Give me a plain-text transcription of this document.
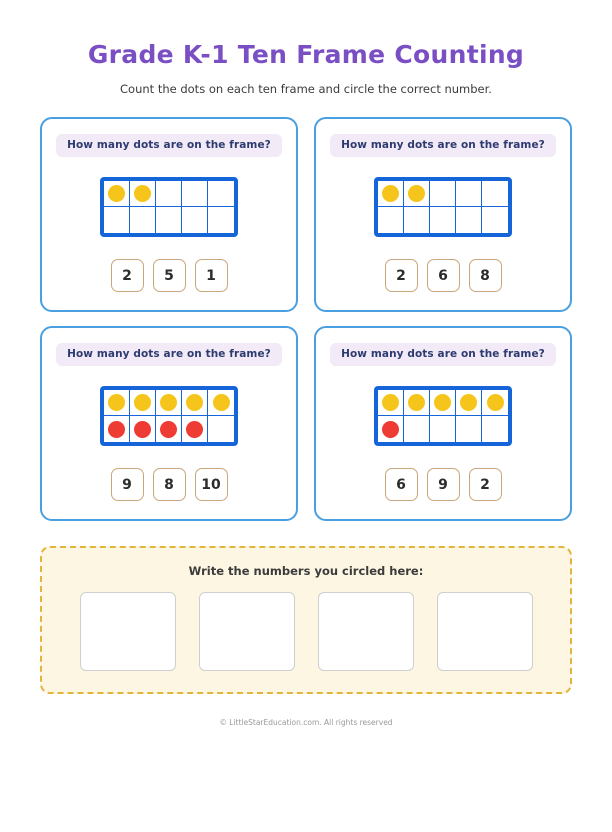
Grade K-1 Ten Frame Counting
Count the dots on each ten frame and circle the correct number.
How many dots are on the frame?
2	5	1
How many dots are on the frame?
2	6	8
How many dots are on the frame?
9	8	10
How many dots are on the frame?
6	9	2
Write the numbers you circled here:
© LittleStarEducation.com. All rights reserved
